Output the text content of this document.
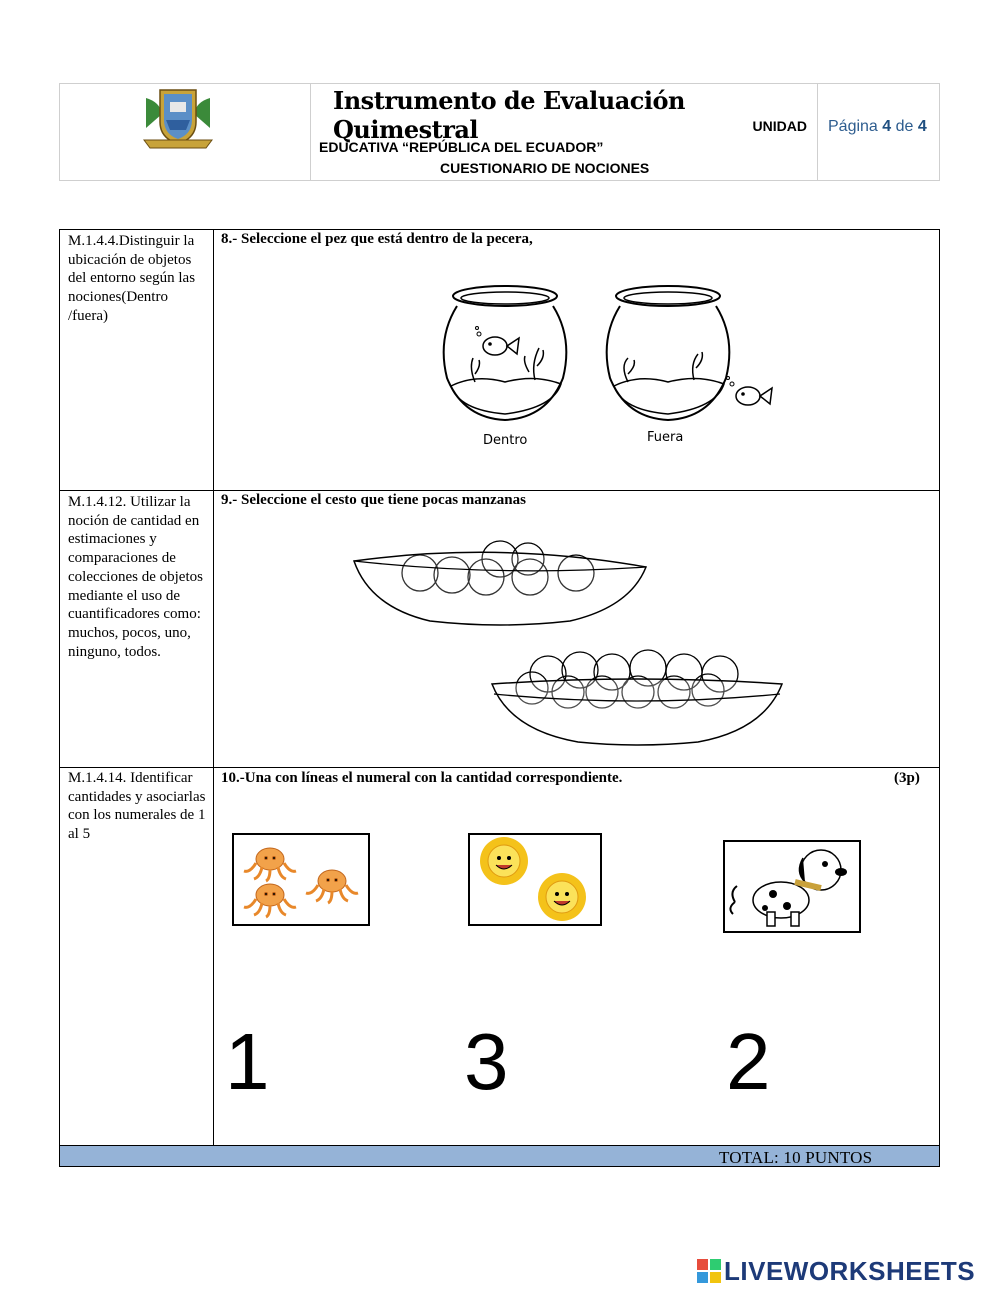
Instrumento de Evaluación Quimestral	UNIDAD
EDUCATIVA “REPÚBLICA DEL ECUADOR”
CUESTIONARIO DE NOCIONES
Página 4 de 4
M.1.4.4.Distinguir la ubicación de objetos del entorno según las nociones(Dentro /fuera)
8.- Seleccione el pez que está dentro de la pecera,
Dentro	Fuera
M.1.4.12. Utilizar la noción de cantidad en estimaciones y comparaciones de colecciones de objetos mediante el uso de cuantificadores como: muchos, pocos, uno, ninguno, todos.
9.- Seleccione el cesto que tiene pocas manzanas
M.1.4.14. Identificar cantidades y asociarlas con los numerales de 1 al 5
10.-Una con líneas el numeral con la cantidad correspondiente.	(3p)
1 3	2
TOTAL: 10 PUNTOS
LIVEWORKSHEETS
